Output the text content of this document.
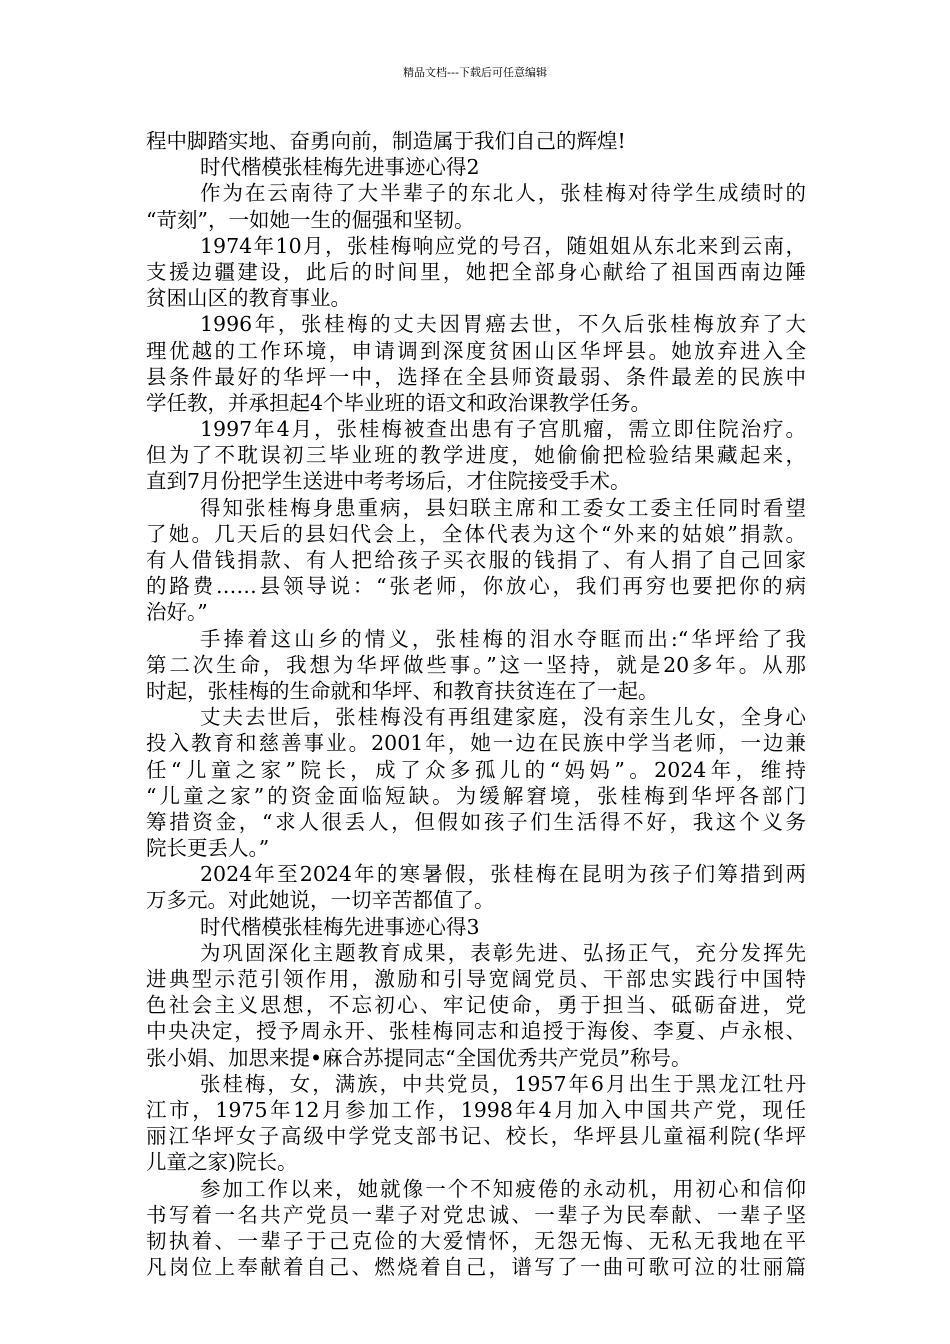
精品文档---下载后可任意编辑
程中脚踏实地、奋勇向前，制造属于我们自己的辉煌!
时代楷模张桂梅先进事迹心得2
作为在云南待了大半辈子的东北人，张桂梅对待学生成绩时的
“苛刻”，一如她一生的倔强和坚韧。
1974年10月，张桂梅响应党的号召，随姐姐从东北来到云南，
支援边疆建设，此后的时间里，她把全部身心献给了祖国西南边陲
贫困山区的教育事业。
1996年，张桂梅的丈夫因胃癌去世，不久后张桂梅放弃了大
理优越的工作环境，申请调到深度贫困山区华坪县。她放弃进入全
县条件最好的华坪一中，选择在全县师资最弱、条件最差的民族中
学任教，并承担起4个毕业班的语文和政治课教学任务。
1997年4月，张桂梅被查出患有子宫肌瘤，需立即住院治疗。
但为了不耽误初三毕业班的教学进度，她偷偷把检验结果藏起来，
直到7月份把学生送进中考考场后，才住院接受手术。
得知张桂梅身患重病，县妇联主席和工委女工委主任同时看望
了她。几天后的县妇代会上，全体代表为这个“外来的姑娘”捐款。
有人借钱捐款、有人把给孩子买衣服的钱捐了、有人捐了自己回家
的路费……县领导说：“张老师，你放心，我们再穷也要把你的病
治好。”
手捧着这山乡的情义，张桂梅的泪水夺眶而出:“华坪给了我
第二次生命，我想为华坪做些事。”这一坚持，就是20多年。从那
时起，张桂梅的生命就和华坪、和教育扶贫连在了一起。
丈夫去世后，张桂梅没有再组建家庭，没有亲生儿女，全身心
投入教育和慈善事业。2001年，她一边在民族中学当老师，一边兼
任“儿童之家”院长，成了众多孤儿的“妈妈”。2024年，维持
“儿童之家”的资金面临短缺。为缓解窘境，张桂梅到华坪各部门
筹措资金，“求人很丢人，但假如孩子们生活得不好，我这个义务
院长更丢人。”
2024年至2024年的寒暑假，张桂梅在昆明为孩子们筹措到两
万多元。对此她说，一切辛苦都值了。
时代楷模张桂梅先进事迹心得3
为巩固深化主题教育成果，表彰先进、弘扬正气，充分发挥先
进典型示范引领作用，激励和引导宽阔党员、干部忠实践行中国特
色社会主义思想，不忘初心、牢记使命，勇于担当、砥砺奋进，党
中央决定，授予周永开、张桂梅同志和追授于海俊、李夏、卢永根、
张小娟、加思来提•麻合苏提同志“全国优秀共产党员”称号。
张桂梅，女，满族，中共党员，1957年6月出生于黑龙江牡丹
江市，1975年12月参加工作，1998年4月加入中国共产党，现任
丽江华坪女子高级中学党支部书记、校长，华坪县儿童福利院(华坪
儿童之家)院长。
参加工作以来，她就像一个不知疲倦的永动机，用初心和信仰
书写着一名共产党员一辈子对党忠诚、一辈子为民奉献、一辈子坚
韧执着、一辈子于己克俭的大爱情怀，无怨无悔、无私无我地在平
凡岗位上奉献着自己、燃烧着自己，谱写了一曲可歌可泣的壮丽篇
